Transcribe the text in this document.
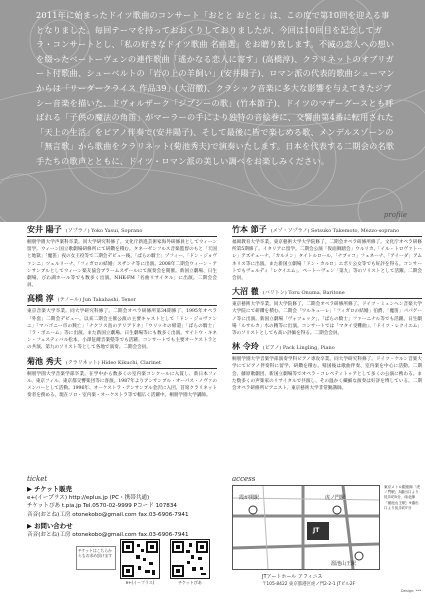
2011年に始まったドイツ歌曲のコンサート「おとと おとと」は、この度で第10回を迎える事となりました。毎回テーマを持っておおくりしておりましたが、今回は10回目を記念してガラ・コンサートとし、「私の好きなドイツ歌曲 名曲選」をお贈り致します。不滅の恋人への想いを綴ったベートーヴェンの連作歌曲「遙かなる恋人に寄す」(高橋淳)、クラリネットのオブリガート付歌曲、シューベルトの「岩の上の羊飼い」(安井陽子)、ロマン派の代表的歌曲シューマンからは「リーダークライス 作品39」(大沼徹)、クラシック音楽に多大な影響を与えてきたジプシー音楽を描いた、ドヴォルザーク「ジプシーの歌」(竹本節子)、ドイツのマザーグースとも呼ばれる「子供の魔法の角笛」がマーラーの手により独特の音絵巻に、交響曲第4番に転用された「天上の生活」をピアノ伴奏で(安井陽子)、そして最後に皆で楽しめる歌、メンデルスゾーンの「無言歌」から歌曲をクラリネット(菊池秀夫)で演奏いたします。日本を代表する二期会の名歌手たちの歌声とともに、ドイツ・ロマン派の美しい調べをお楽しみください。
profile
安井 陽子 (ソプラノ) Yoko Yasui, Soprano
桐朋学園大学声楽科卒業。同大学研究科修了。文化庁新進芸術家海外研修員としてウィーン留学。ウィーン国立歌劇場研修所にて研鑽を積む。タネーゼンフルス音楽監督のもと「天国と地獄」「魔笛」夜の女王役等で二期会デビュー後、「ばらの騎士」ゾフィー、「ドン・ジョヴァンニ」ツェルリーナ、「フィガロの結婚」スザンナ等に出演。2008年二期会ウィーン・アンサンブルとしてウィーン楽友協会ブラームスザールにて演奏会を開催。新国立劇場、日生劇場、びわ湖ホール等でも数多く出演。NHK-FM「名曲リサイタル」に出演。二期会会員。
高橋 淳 (テノール) Jun Takahashi, Tenor
東京音楽大学卒業。同大学研究科修了。二期会オペラ研修所第34期修了、1995年オペラ「外套」二期会デビュー。以来二期会主催公演の主要キャストとして「ドン・ジョヴァンニ」「マハゴニー市の興亡」「ナクソス島のアリアドネ」「ウリッセの帰還」「ばらの騎士」「ラ・ボエーム」等に出演。また新国立劇場、日生劇場等にも数多く出演。サイトウ・キネン・フェスティバル松本、小澤征爾音楽塾等でも活躍。コンサートでも主要オーケストラとの共演、第九のソリスト等として各地で演奏。二期会会員。
菊池 秀夫 (クラリネット) Hideo Kikuchi, Clarinet
桐朋学園大学音楽学部卒業。在学中から数多くの室内楽コンクールに入賞し、新日本フィル、東京フィル、東京都交響楽団等に客演。1987年よりアンサンブル・オーパス・ノヴァのメンバーとして活動。1996年、オーケストラ・アンサンブル金沢に入団、首席クラリネット奏者を務める。現在ソロ・室内楽・オーケストラ等で幅広く活躍中。桐朋学園大学講師。
竹本 節子 (メゾ・ソプラノ) Setsuko Takemoto, Mezzo-soprano
福岡教育大学卒業。東京藝術大学大学院修了。二期会オペラ研修所修了。文化庁オペラ研修所第5期修了。イタリアに留学。二期会公演「仮面舞踏会」ウルリカ、「イル・トロヴァトーレ」アズチェーナ、「カルメン」タイトルロール、「ナブッコ」フェネーナ、「アイーダ」アムネリス等に出演。また新国立劇場「ドン・カルロ」エボリ公女等でも好評を得る。コンサートでもヴェルディ「レクイエム」、ベートーヴェン「第九」等のソリストとして活躍。二期会会員。
大沼 徹 (バリトン) Toru Onuma, Baritone
東京藝術大学卒業。同大学院修了。二期会オペラ研修所修了。ドイツ・ミュンヘン音楽大学大学院にて研鑽を積む。二期会「ワルキューレ」「フィガロの結婚」伯爵、「魔笛」パパゲーノ等に出演。新国立劇場「ヴォツェック」、「ばらの騎士」ファーニナル等でも活躍。日生劇場「ルサルカ」水の精等に出演。コンサートでは「マタイ受難曲」、「ドイツ・レクイエム」等のソリストとしても高い評価を得る。二期会会員。
林 令玲 (ピアノ) Pack Lingling, Piano
桐朋学園大学音楽学部演奏学科ピアノ専攻卒業。同大学研究科修了。ドイツ・ケルン音楽大学にてピアノ伴奏科に留学、研鑽を積む。帰国後は歌曲伴奏、室内楽を中心に活動。二期会、藤原歌劇団、新国立劇場等でオペラ・コレペティトゥアとして多くの公演に携わる。また数多くの声楽家のリサイタルで共演し、その温かく繊細な演奏は好評を博している。二期会オペラ研修所ピアニスト、東京藝術大学非常勤講師。
ticket
▶ チケット販売
e+(イープラス) http://eplus.jp (PC・携帯共通)
チケットぴあ t.pia.jp Tel.0570-02-9999 Pコード 107834
音音(おとね)工房 otonekobo@gmail.com fax.03-6906-7941
▶ お問い合わせ
音音(おとね)工房 otonekobo@gmail.com fax.03-6906-7941
チケットはこちらからもお求め頂けます
e+(イープラス)	チケットぴあ
access
虎ノ門駅
JT
霞が関駅
溜池山王駅
東京メトロ銀座線「虎ノ門駅」3番出口より徒歩約5分、南北線「溜池山王駅」9番出口より徒歩約7分
JTアートホール アフィニス
〒105-8422 東京都港区虎ノ門2-2-1 JTビル2F
Design: ***
